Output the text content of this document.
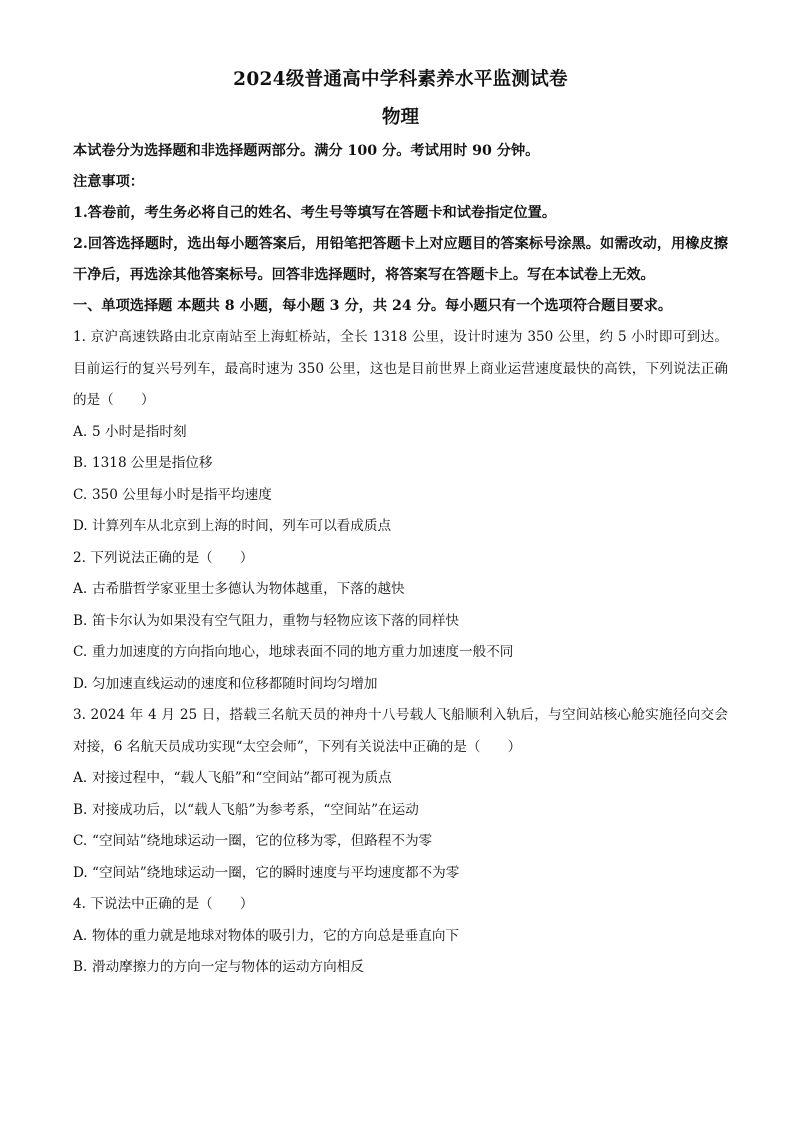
2024级普通高中学科素养水平监测试卷
物理

本试卷分为选择题和非选择题两部分。满分 100 分。考试用时 90 分钟。

注意事项：

1.答卷前，考生务必将自己的姓名、考生号等填写在答题卡和试卷指定位置。

2.回答选择题时，选出每小题答案后，用铅笔把答题卡上对应题目的答案标号涂黑。如需改动，用橡皮擦干净后，再选涂其他答案标号。回答非选择题时，将答案写在答题卡上。写在本试卷上无效。

一、单项选择题 本题共 8 小题，每小题 3 分，共 24 分。每小题只有一个选项符合题目要求。

1. 京沪高速铁路由北京南站至上海虹桥站，全长 1318 公里，设计时速为 350 公里，约 5 小时即可到达。目前运行的复兴号列车，最高时速为 350 公里，这也是目前世界上商业运营速度最快的高铁，下列说法正确的是（　　）

A. 5 小时是指时刻

B. 1318 公里是指位移

C. 350 公里每小时是指平均速度

D. 计算列车从北京到上海的时间，列车可以看成质点

2. 下列说法正确的是（　　）

A. 古希腊哲学家亚里士多德认为物体越重，下落的越快

B. 笛卡尔认为如果没有空气阻力，重物与轻物应该下落的同样快

C. 重力加速度的方向指向地心，地球表面不同的地方重力加速度一般不同

D. 匀加速直线运动的速度和位移都随时间均匀增加

3. 2024 年 4 月 25 日，搭载三名航天员的神舟十八号载人飞船顺利入轨后，与空间站核心舱实施径向交会对接，6 名航天员成功实现“太空会师”，下列有关说法中正确的是（　　）

A. 对接过程中，“载人飞船”和“空间站”都可视为质点

B. 对接成功后，以“载人飞船”为参考系，“空间站”在运动

C. “空间站”绕地球运动一圈，它的位移为零，但路程不为零

D. “空间站”绕地球运动一圈，它的瞬时速度与平均速度都不为零

4. 下说法中正确的是（　　）

A. 物体的重力就是地球对物体的吸引力，它的方向总是垂直向下

B. 滑动摩擦力的方向一定与物体的运动方向相反
